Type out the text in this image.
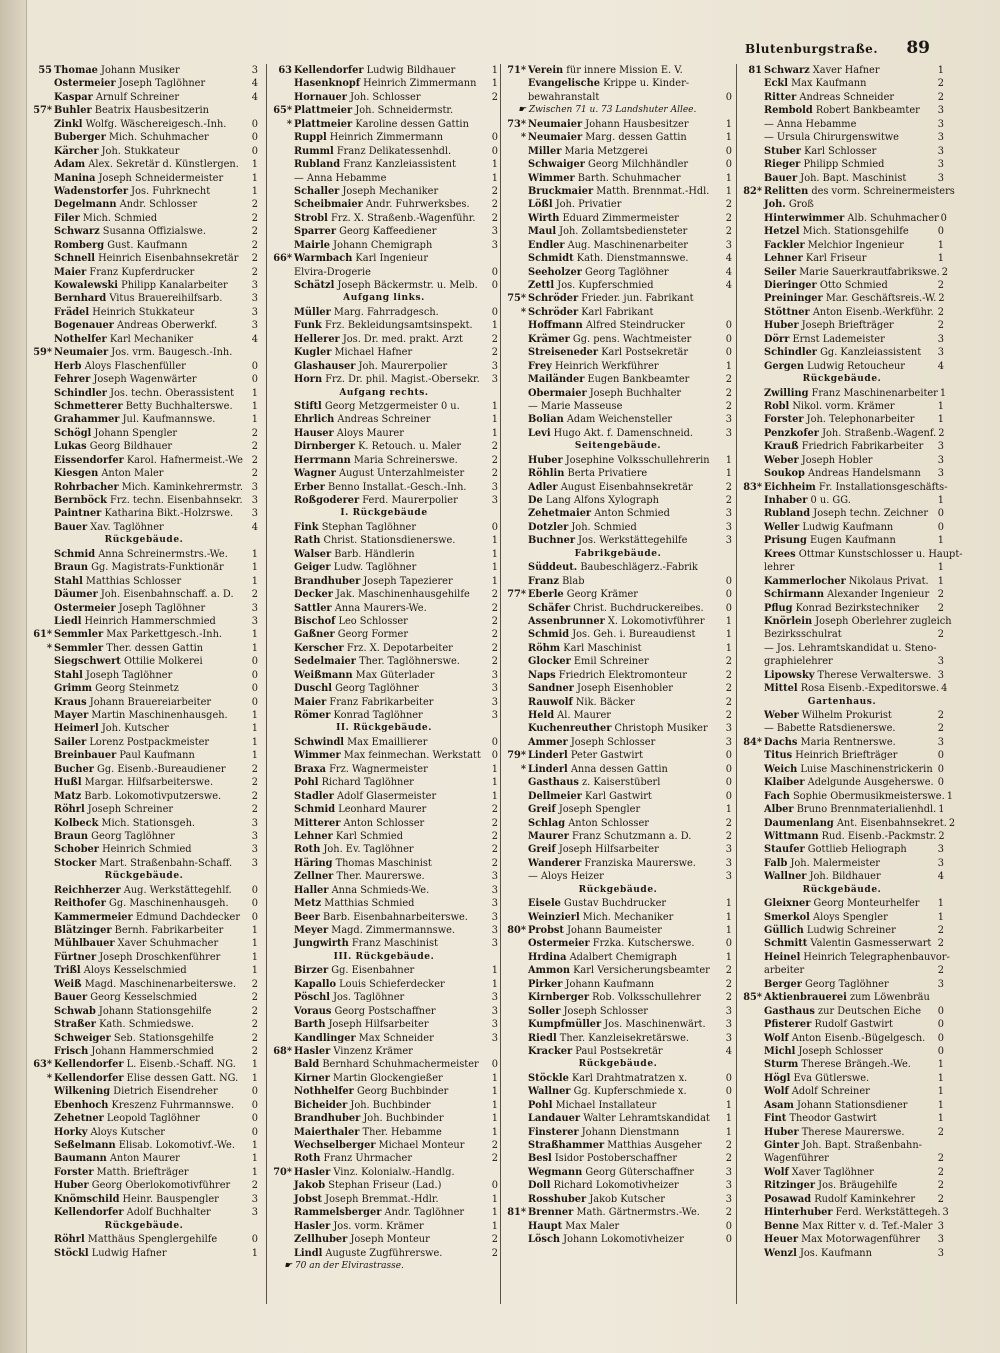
Blutenburgstraße. 89
55 Thomae Johann Musiker	3
Ostermeier Joseph Taglöhner	4
Kaspar Arnulf Schreiner	4
57* Buhler Beatrix Hausbesitzerin
Zinkl Wolfg. Wäschereigesch.-Inh.	0
Buberger Mich. Schuhmacher	0
Kärcher Joh. Stukkateur	0
Adam Alex. Sekretär d. Künstlergen.	1
Manina Joseph Schneidermeister	1
Wadenstorfer Jos. Fuhrknecht	1
Degelmann Andr. Schlosser	2
Filer Mich. Schmied	2
Schwarz Susanna Offizialswe.	2
Romberg Gust. Kaufmann	2
Schnell Heinrich Eisenbahnsekretär	2
Maier Franz Kupferdrucker	2
Kowalewski Philipp Kanalarbeiter	3
Bernhard Vitus Brauereihilfsarb.	3
Frädel Heinrich Stukkateur	3
Bogenauer Andreas Oberwerkf.	3
Nothelfer Karl Mechaniker	4
59* Neumaier Jos. vrm. Baugesch.-Inh.
Herb Aloys Flaschenfüller	0
Fehrer Joseph Wagenwärter	0
Schindler Jos. techn. Oberassistent	1
Schmetterer Betty Buchhalterswe.	1
Grahammer Jul. Kaufmannswe.	1
Schögl Johann Spengler	2
Lukas Georg Bildhauer	2
Eissendorfer Karol. Hafnermeist.-We 2
Kiesgen Anton Maler	2
Rohrbacher Mich. Kaminkehrermstr. 3
Bernböck Frz. techn. Eisenbahnsekr. 3
Paintner Katharina Bikt.-Holzrswe.	3
Bauer Xav. Taglöhner	4
Rückgebäude.
Schmid Anna Schreinermstrs.-We.	1
Braun Gg. Magistrats-Funktionär	1
Stahl Matthias Schlosser	1
Däumer Joh. Eisenbahnschaff. a. D.	2
Ostermeier Joseph Taglöhner	3
Liedl Heinrich Hammerschmied	3
61* Semmler Max Parkettgesch.-Inh.	1
* Semmler Ther. dessen Gattin	1
Siegschwert Ottilie Molkerei	0
Stahl Joseph Taglöhner	0
Grimm Georg Steinmetz	0
Kraus Johann Brauereiarbeiter	0
Mayer Martin Maschinenhausgeh.	1
Heimerl Joh. Kutscher	1
Sailer Lorenz Postpackmeister	1
Breinbauer Paul Kaufmann	1
Bucher Gg. Eisenb.-Bureaudiener	2
Hußl Margar. Hilfsarbeiterswe.	2
Matz Barb. Lokomotivputzerswe.	2
Röhrl Joseph Schreiner	2
Kolbeck Mich. Stationsgeh.	3
Braun Georg Taglöhner	3
Schober Heinrich Schmied	3
Stocker Mart. Straßenbahn-Schaff.	3
Rückgebäude.
Reichherzer Aug. Werkstättegehlf.	0
Reithofer Gg. Maschinenhausgeh.	0
Kammermeier Edmund Dachdecker	0
Blätzinger Bernh. Fabrikarbeiter	1
Mühlbauer Xaver Schuhmacher	1
Fürtner Joseph Droschkenführer	1
Trißl Aloys Kesselschmied	1
Weiß Magd. Maschinenarbeiterswe.	2
Bauer Georg Kesselschmied	2
Schwab Johann Stationsgehilfe	2
Straßer Kath. Schmiedswe.	2
Schweiger Seb. Stationsgehilfe	2
Frisch Johann Hammerschmied	2
63* Kellendorfer L. Eisenb.-Schaff. NG.	1
* Kellendorfer Elise dessen Gatt. NG.	1
Wilkening Dietrich Eisendreher	0
Ebenhoch Kreszenz Fuhrmannswe.	0
Zehetner Leopold Taglöhner	0
Horky Aloys Kutscher	0
Seßelmann Elisab. Lokomotivf.-We.	1
Baumann Anton Maurer	1
Forster Matth. Briefträger	1
Huber Georg Oberlokomotivführer	2
Knömschild Heinr. Bauspengler	3
Kellendorfer Adolf Buchhalter	3
Rückgebäude.
Röhrl Matthäus Spenglergehilfe	0
Stöckl Ludwig Hafner	1
63 Kellendorfer Ludwig Bildhauer	1
Hasenknopf Heinrich Zimmermann	1
Hornauer Joh. Schlosser	2
65* Plattmeier Joh. Schneidermstr.
* Plattmeier Karoline dessen Gattin
Ruppl Heinrich Zimmermann	0
Rumml Franz Delikatessenhdl.	0
Rubland Franz Kanzleiassistent	1
— Anna Hebamme	1
Schaller Joseph Mechaniker	2
Scheibmaier Andr. Fuhrwerksbes.	2
Strobl Frz. X. Straßenb.-Wagenführ.	2
Sparrer Georg Kaffeediener	3
Mairle Johann Chemigraph	3
66* Warmbach Karl Ingenieur
Elvira-Drogerie	0
Schätzl Joseph Bäckermstr. u. Melb.	0
Aufgang links.
Müller Marg. Fahrradgesch.	0
Funk Frz. Bekleidungsamtsinspekt.	1
Hellerer Jos. Dr. med. prakt. Arzt	2
Kugler Michael Hafner	2
Glashauser Joh. Maurerpolier	3
Horn Frz. Dr. phil. Magist.-Obersekr.	3
Aufgang rechts.
Stiftl Georg Metzgermeister 0 u.	1
Ehrlich Andreas Schreiner	1
Hauser Aloys Maurer	1
Dirnberger K. Retouch. u. Maler	2
Herrmann Maria Schreinerswe.	2
Wagner August Unterzahlmeister	2
Erber Benno Installat.-Gesch.-Inh.	3
Roßgoderer Ferd. Maurerpolier	3
I. Rückgebäude
Fink Stephan Taglöhner	0
Rath Christ. Stationsdienerswe.	1
Walser Barb. Händlerin	1
Geiger Ludw. Taglöhner	1
Brandhuber Joseph Tapezierer	1
Decker Jak. Maschinenhausgehilfe	2
Sattler Anna Maurers-We.	2
Bischof Leo Schlosser	2
Gaßner Georg Former	2
Kerscher Frz. X. Depotarbeiter	2
Sedelmaier Ther. Taglöhnerswe.	2
Weißmann Max Güterlader	3
Duschl Georg Taglöhner	3
Maier Franz Fabrikarbeiter	3
Römer Konrad Taglöhner	3
II. Rückgebäude.
Schwindl Max Emaillierer	0
Wimmer Max feinmechan. Werkstatt	0
Braxa Frz. Wagnermeister	1
Pohl Richard Taglöhner	1
Stadler Adolf Glasermeister	1
Schmid Leonhard Maurer	2
Mitterer Anton Schlosser	2
Lehner Karl Schmied	2
Roth Joh. Ev. Taglöhner	2
Häring Thomas Maschinist	2
Zellner Ther. Maurerswe.	3
Haller Anna Schmieds-We.	3
Metz Matthias Schmied	3
Beer Barb. Eisenbahnarbeiterswe.	3
Meyer Magd. Zimmermannswe.	3
Jungwirth Franz Maschinist	3
III. Rückgebäude.
Birzer Gg. Eisenbahner	1
Kapallo Louis Schieferdecker	1
Pöschl Jos. Taglöhner	3
Voraus Georg Postschaffner	3
Barth Joseph Hilfsarbeiter	3
Kandlinger Max Schneider	3
68* Hasler Vinzenz Krämer
Bald Bernhard Schuhmachermeister	0
Kirner Martin Glockengießer	1
Nothhelfer Georg Buchbinder	1
Bicheider Joh. Buchbinder	1
Brandhuber Joh. Buchbinder	1
Maierthaler Ther. Hebamme	1
Wechselberger Michael Monteur	2
Roth Franz Uhrmacher	2
70* Hasler Vinz. Kolonialw.-Handlg.
Jakob Stephan Friseur (Lad.)	0
Jobst Joseph Bremmat.-Hdlr.	1
Rammelsberger Andr. Taglöhner	1
Hasler Jos. vorm. Krämer	1
Zellhuber Joseph Monteur	2
Lindl Auguste Zugführerswe.	2
☛ 70 an der Elvirastrasse.
71* Verein für innere Mission E. V.
Evangelische Krippe u. Kinder-
bewahranstalt	0
☛ Zwischen 71 u. 73 Landshuter Allee.
73* Neumaier Johann Hausbesitzer	1
* Neumaier Marg. dessen Gattin	1
Miller Maria Metzgerei	0
Schwaiger Georg Milchhändler	0
Wimmer Barth. Schuhmacher	1
Bruckmaier Matth. Brennmat.-Hdl.	1
Lößl Joh. Privatier	2
Wirth Eduard Zimmermeister	2
Maul Joh. Zollamtsbediensteter	2
Endler Aug. Maschinenarbeiter	3
Schmidt Kath. Dienstmannswe.	4
Seeholzer Georg Taglöhner	4
Zettl Jos. Kupferschmied	4
75* Schröder Frieder. jun. Fabrikant
* Schröder Karl Fabrikant
Hoffmann Alfred Steindrucker	0
Krämer Gg. pens. Wachtmeister	0
Streiseneder Karl Postsekretär	0
Frey Heinrich Werkführer	1
Mailänder Eugen Bankbeamter	2
Obermaier Joseph Buchhalter	2
— Marie Masseuse	2
Bolian Adam Weichensteller	3
Levi Hugo Akt. f. Damenschneid.	3
Seitengebäude.
Huber Josephine Volksschullehrerin	1
Röhlin Berta Privatiere	1
Adler August Eisenbahnsekretär	2
De Lang Alfons Xylograph	2
Zehetmaier Anton Schmied	3
Dotzler Joh. Schmied	3
Buchner Jos. Werkstättegehilfe	3
Fabrikgebäude.
Süddeut. Baubeschlägerz.-Fabrik
Franz Blab	0
77* Eberle Georg Krämer	0
Schäfer Christ. Buchdruckereibes.	0
Assenbrunner X. Lokomotivführer	1
Schmid Jos. Geh. i. Bureaudienst	1
Röhm Karl Maschinist	1
Glocker Emil Schreiner	2
Naps Friedrich Elektromonteur	2
Sandner Joseph Eisenhobler	2
Rauwolf Nik. Bäcker	2
Held Al. Maurer	2
Kuchenreuther Christoph Musiker	3
Ammer Joseph Schlosser	3
79* Linderl Peter Gastwirt	0
* Linderl Anna dessen Gattin	0
Gasthaus z. Kaiserstüberl	0
Dellmeier Karl Gastwirt	0
Greif Joseph Spengler	1
Schlag Anton Schlosser	2
Maurer Franz Schutzmann a. D.	2
Greif Joseph Hilfsarbeiter	3
Wanderer Franziska Maurerswe.	3
— Aloys Heizer	3
Rückgebäude.
Eisele Gustav Buchdrucker	1
Weinzierl Mich. Mechaniker	1
80* Probst Johann Baumeister	1
Ostermeier Frzka. Kutscherswe.	0
Hrdina Adalbert Chemigraph	1
Ammon Karl Versicherungsbeamter	2
Pirker Johann Kaufmann	2
Kirnberger Rob. Volksschullehrer	2
Soller Joseph Schlosser	3
Kumpfmüller Jos. Maschinenwärt.	3
Riedl Ther. Kanzleisekretärswe.	3
Kracker Paul Postsekretär	4
Rückgebäude.
Stöckle Karl Drahtmatratzen x.	0
Wallner Gg. Kupferschmiede x.	0
Pohl Michael Installateur	1
Landauer Walter Lehramtskandidat	1
Finsterer Johann Dienstmann	1
Straßhammer Matthias Ausgeher	2
Besl Isidor Postoberschaffner	2
Wegmann Georg Güterschaffner	3
Doll Richard Lokomotivheizer	3
Rosshuber Jakob Kutscher	3
81* Brenner Math. Gärtnermstrs.-We.	2
Haupt Max Maler	0
Lösch Johann Lokomotivheizer	0
81 Schwarz Xaver Hafner	1
Eckl Max Kaufmann	2
Ritter Andreas Schneider	2
Rembold Robert Bankbeamter	3
— Anna Hebamme	3
— Ursula Chirurgenswitwe	3
Stuber Karl Schlosser	3
Rieger Philipp Schmied	3
Bauer Joh. Bapt. Maschinist	3
82* Relitten des vorm. Schreinermeisters
Joh. Groß
Hinterwimmer Alb. Schuhmacher 0
Hetzel Mich. Stationsgehilfe	0
Fackler Melchior Ingenieur	1
Lehner Karl Friseur	1
Seiler Marie Sauerkrautfabrikswe. 2
Dieringer Otto Schmied	2
Preininger Mar. Geschäftsreis.-W. 2
Stöttner Anton Eisenb.-Werkführ. 2
Huber Joseph Briefträger	2
Dörr Ernst Lademeister	3
Schindler Gg. Kanzleiassistent	3
Gergen Ludwig Retoucheur	4
Rückgebäude.
Zwilling Franz Maschinenarbeiter 1
Robl Nikol. vorm. Krämer	1
Forster Joh. Telephonarbeiter	1
Penzkofer Joh. Straßenb.-Wagenf. 2
Krauß Friedrich Fabrikarbeiter	3
Weber Joseph Hobler	3
Soukop Andreas Handelsmann	3
83* Eichheim Fr. Installationsgeschäfts-
Inhaber 0 u. GG.	1
Rubland Joseph techn. Zeichner 0
Weller Ludwig Kaufmann	0
Prisung Eugen Kaufmann	1
Krees Ottmar Kunstschlosser u. Haupt-
lehrer	1
Kammerlocher Nikolaus Privat. 1
Schirmann Alexander Ingenieur 2
Pflug Konrad Bezirkstechniker	2
Knörlein Joseph Oberlehrer zugleich
Bezirksschulrat	2
— Jos. Lehramtskandidat u. Steno-
graphielehrer	3
Lipowsky Therese Verwalterswe. 3
Mittel Rosa Eisenb.-Expeditorswe. 4
Gartenhaus.
Weber Wilhelm Prokurist	2
— Babette Ratsdienerswe.	2
84* Dachs Maria Rentnerswe.	3
Titus Heinrich Briefträger	0
Weich Luise Maschinenstrickerin 0
Klaiber Adelgunde Ausgeherswe. 0
Fach Sophie Obermusikmeisterswe. 1
Alber Bruno Brennmaterialienhdl. 1
Daumenlang Ant. Eisenbahnsekret. 2
Wittmann Rud. Eisenb.-Packmstr. 2
Staufer Gottlieb Heliograph	3
Falb Joh. Malermeister	3
Wallner Joh. Bildhauer	4
Rückgebäude.
Gleixner Georg Monteurhelfer	1
Smerkol Aloys Spengler	1
Güllich Ludwig Schreiner	2
Schmitt Valentin Gasmesserwart 2
Heinel Heinrich Telegraphenbauvor-
arbeiter	2
Berger Georg Taglöhner	3
85* Aktienbrauerei zum Löwenbräu
Gasthaus zur Deutschen Eiche	0
Pfisterer Rudolf Gastwirt	0
Wolf Anton Eisenb.-Bügelgesch.	0
Michl Joseph Schlosser	0
Sturm Therese Brängeh.-We.	1
Högl Eva Gütlerswe.	1
Wolf Adolf Schreiner	1
Asam Johann Stationsdiener	1
Fint Theodor Gastwirt	1
Huber Therese Maurerswe.	2
Ginter Joh. Bapt. Straßenbahn-
Wagenführer	2
Wolf Xaver Taglöhner	2
Ritzinger Jos. Bräugehilfe	2
Posawad Rudolf Kaminkehrer	2
Hinterhuber Ferd. Werkstättegeh. 3
Benne Max Ritter v. d. Tef.-Maler 3
Heuer Max Motorwagenführer	3
Wenzl Jos. Kaufmann	3
